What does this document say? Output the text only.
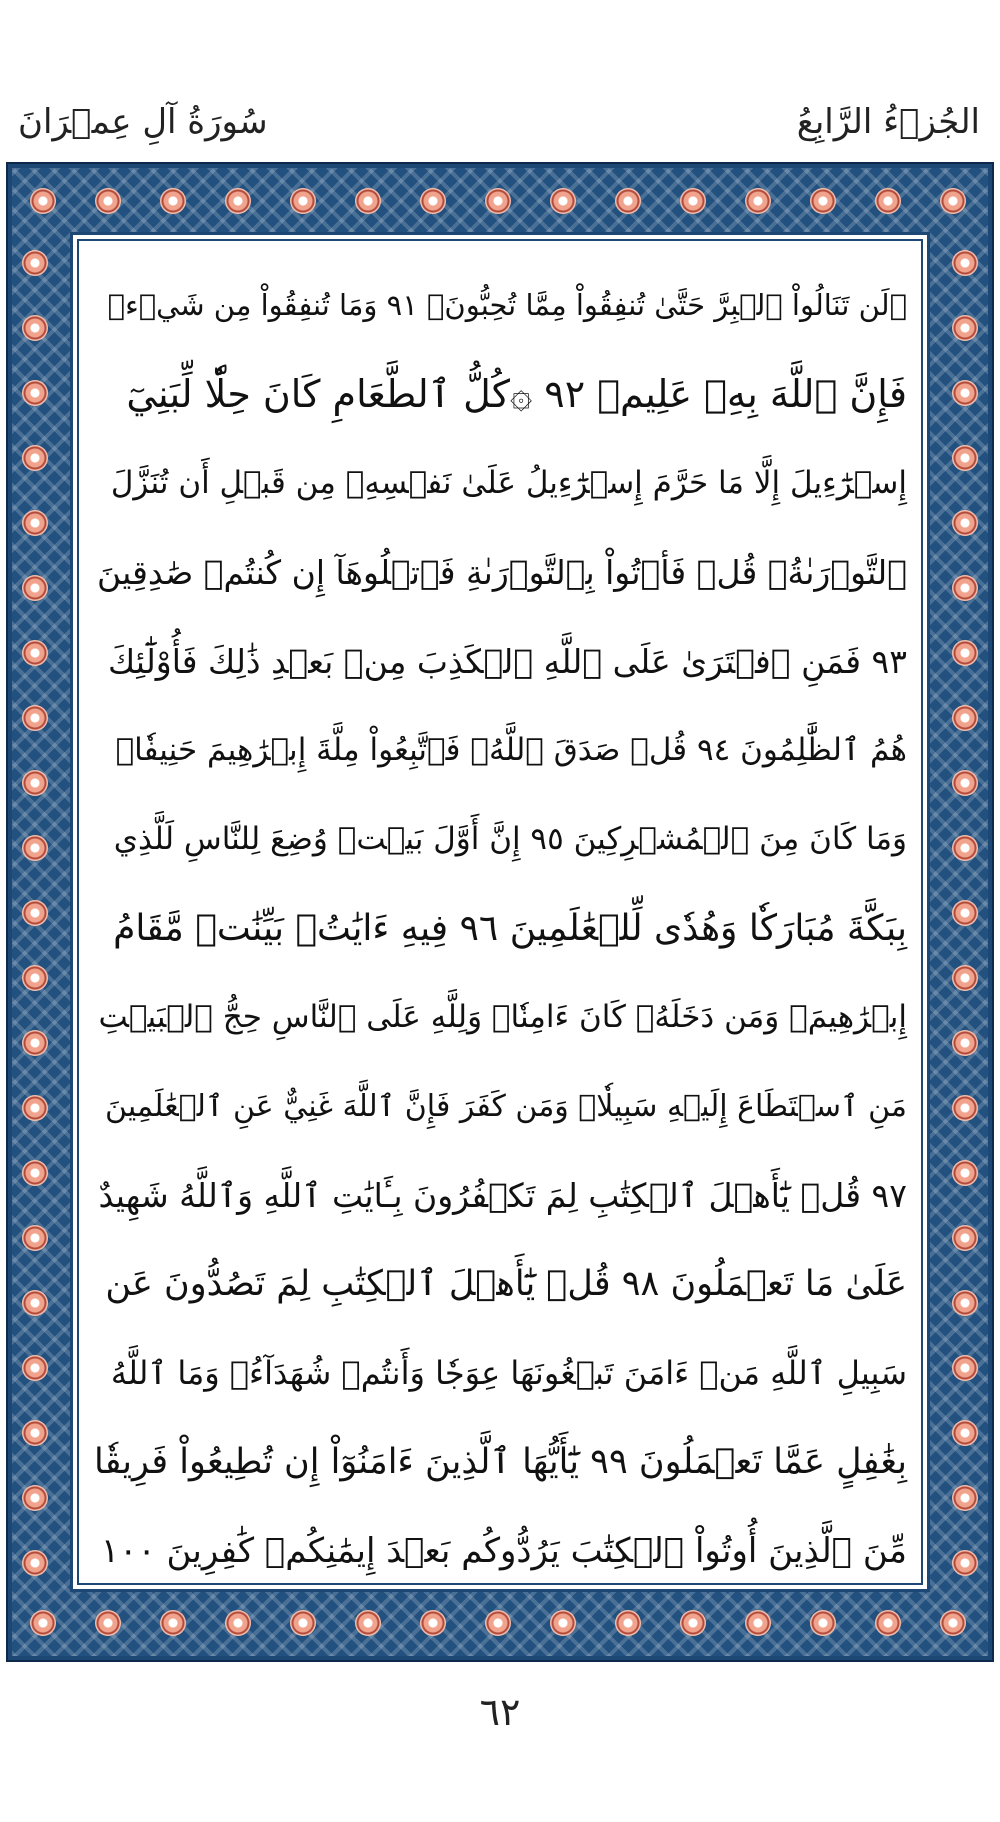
الجُزۡءُ الرَّابِعُ
سُورَةُ آلِ عِمۡرَانَ
۞لَن تَنَالُواْ ٱلۡبِرَّ حَتَّىٰ تُنفِقُواْ مِمَّا تُحِبُّونَۚ ٩١ وَمَا تُنفِقُواْ مِن شَيۡءٖ
فَإِنَّ ٱللَّهَ بِهِۦ عَلِيمٞ ٩٢ ۞كُلُّ ٱلطَّعَامِ كَانَ حِلّٗا لِّبَنِيٓ
إِسۡرَٰٓءِيلَ إِلَّا مَا حَرَّمَ إِسۡرَٰٓءِيلُ عَلَىٰ نَفۡسِهِۦ مِن قَبۡلِ أَن تُنَزَّلَ
ٱلتَّوۡرَىٰةُۚ قُلۡ فَأۡتُواْ بِٱلتَّوۡرَىٰةِ فَٱتۡلُوهَآ إِن كُنتُمۡ صَٰدِقِينَ
٩٣ فَمَنِ ٱفۡتَرَىٰ عَلَى ٱللَّهِ ٱلۡكَذِبَ مِنۢ بَعۡدِ ذَٰلِكَ فَأُوْلَٰٓئِكَ
هُمُ ٱلظَّٰلِمُونَ ٩٤ قُلۡ صَدَقَ ٱللَّهُۗ فَٱتَّبِعُواْ مِلَّةَ إِبۡرَٰهِيمَ حَنِيفٗاۖ
وَمَا كَانَ مِنَ ٱلۡمُشۡرِكِينَ ٩٥ إِنَّ أَوَّلَ بَيۡتٖ وُضِعَ لِلنَّاسِ لَلَّذِي
بِبَكَّةَ مُبَارَكٗا وَهُدٗى لِّلۡعَٰلَمِينَ ٩٦ فِيهِ ءَايَٰتُۢ بَيِّنَٰتٞ مَّقَامُ
إِبۡرَٰهِيمَۖ وَمَن دَخَلَهُۥ كَانَ ءَامِنٗاۗ وَلِلَّهِ عَلَى ٱلنَّاسِ حِجُّ ٱلۡبَيۡتِ
مَنِ ٱسۡتَطَاعَ إِلَيۡهِ سَبِيلٗاۚ وَمَن كَفَرَ فَإِنَّ ٱللَّهَ غَنِيٌّ عَنِ ٱلۡعَٰلَمِينَ
٩٧ قُلۡ يَٰٓأَهۡلَ ٱلۡكِتَٰبِ لِمَ تَكۡفُرُونَ بِـَٔايَٰتِ ٱللَّهِ وَٱللَّهُ شَهِيدٌ
عَلَىٰ مَا تَعۡمَلُونَ ٩٨ قُلۡ يَٰٓأَهۡلَ ٱلۡكِتَٰبِ لِمَ تَصُدُّونَ عَن
سَبِيلِ ٱللَّهِ مَنۡ ءَامَنَ تَبۡغُونَهَا عِوَجٗا وَأَنتُمۡ شُهَدَآءُۗ وَمَا ٱللَّهُ
بِغَٰفِلٍ عَمَّا تَعۡمَلُونَ ٩٩ يَٰٓأَيُّهَا ٱلَّذِينَ ءَامَنُوٓاْ إِن تُطِيعُواْ فَرِيقٗا
مِّنَ ٱلَّذِينَ أُوتُواْ ٱلۡكِتَٰبَ يَرُدُّوكُم بَعۡدَ إِيمَٰنِكُمۡ كَٰفِرِينَ ١٠٠
٦٢
